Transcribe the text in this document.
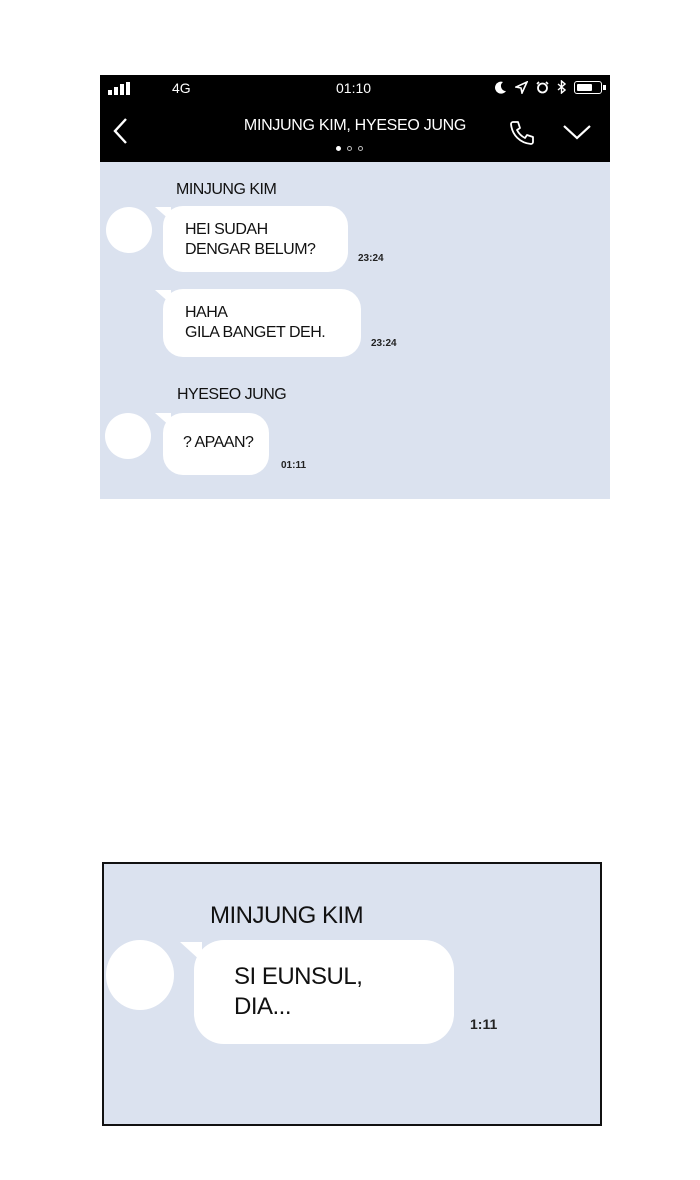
4G	01:10
MINJUNG KIM, HYESEO JUNG
MINJUNG KIM
HEI SUDAH
DENGAR BELUM?
23:24
HAHA
GILA BANGET DEH.
23:24
HYESEO JUNG
? APAAN?
01:11
MINJUNG KIM
SI EUNSUL,
DIA...
1:11
